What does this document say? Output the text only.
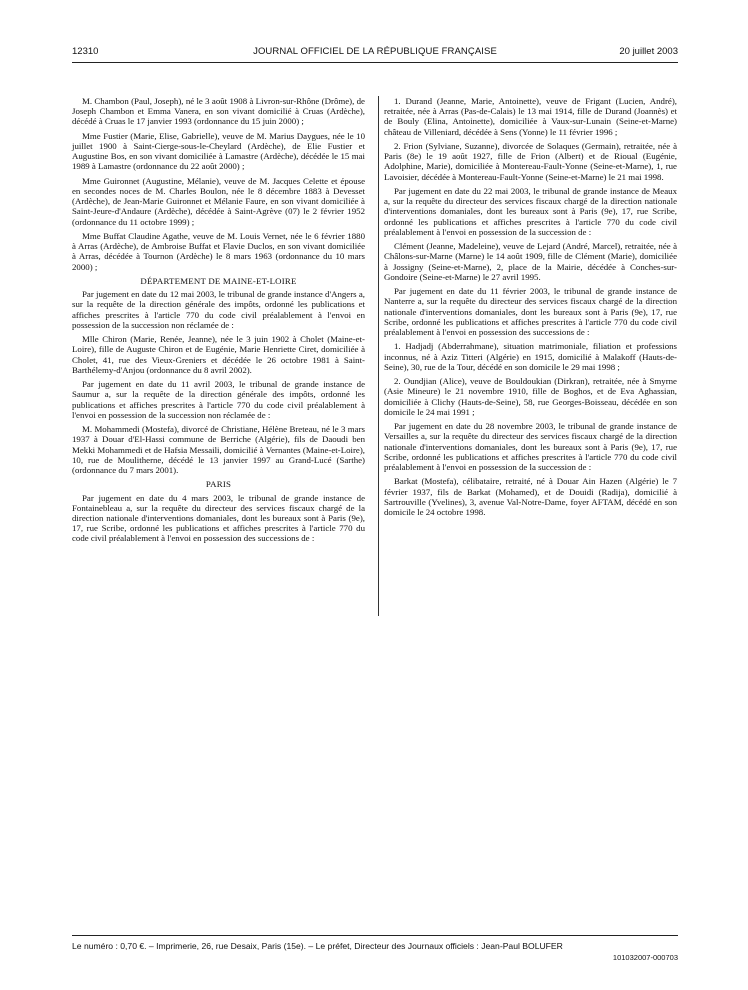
12310	JOURNAL OFFICIEL DE LA RÉPUBLIQUE FRANÇAISE	20 juillet 2003

M. Chambon (Paul, Joseph), né le 3 août 1908 à Livron-sur-Rhône (Drôme), de Joseph Chambon et Emma Vanera, en son vivant domicilié à Cruas (Ardèche), décédé à Cruas le 17 janvier 1993 (ordonnance du 15 juin 2000) ;

Mme Fustier (Marie, Elise, Gabrielle), veuve de M. Marius Daygues, née le 10 juillet 1900 à Saint-Cierge-sous-le-Cheylard (Ardèche), de Elie Fustier et Augustine Bos, en son vivant domiciliée à Lamastre (Ardèche), décédée le 15 mai 1989 à Lamastre (ordonnance du 22 août 2000) ;

Mme Guironnet (Augustine, Mélanie), veuve de M. Jacques Celette et épouse en secondes noces de M. Charles Boulon, née le 8 décembre 1883 à Devesset (Ardèche), de Jean-Marie Guironnet et Mélanie Faure, en son vivant domiciliée à Saint-Jeure-d'Andaure (Ardèche), décédée à Saint-Agrève (07) le 2 février 1952 (ordonnance du 11 octobre 1999) ;

Mme Buffat Claudine Agathe, veuve de M. Louis Vernet, née le 6 février 1880 à Arras (Ardèche), de Ambroise Buffat et Flavie Duclos, en son vivant domiciliée à Arras, décédée à Tournon (Ardèche) le 8 mars 1963 (ordonnance du 10 mars 2000) ;

DÉPARTEMENT DE MAINE-ET-LOIRE

Par jugement en date du 12 mai 2003, le tribunal de grande instance d'Angers a, sur la requête de la direction générale des impôts, ordonné les publications et affiches prescrites à l'article 770 du code civil préalablement à l'envoi en possession de la succession non réclamée de :

Mlle Chiron (Marie, Renée, Jeanne), née le 3 juin 1902 à Cholet (Maine-et-Loire), fille de Auguste Chiron et de Eugénie, Marie Henriette Ciret, domiciliée à Cholet, 41, rue des Vieux-Greniers et décédée le 26 octobre 1981 à Saint-Barthélemy-d'Anjou (ordonnance du 8 avril 2002).

Par jugement en date du 11 avril 2003, le tribunal de grande instance de Saumur a, sur la requête de la direction générale des impôts, ordonné les publications et affiches prescrites à l'article 770 du code civil préalablement à l'envoi en possession de la succession non réclamée de :

M. Mohammedi (Mostefa), divorcé de Christiane, Hélène Breteau, né le 3 mars 1937 à Douar d'El-Hassi commune de Berriche (Algérie), fils de Daoudi ben Mekki Mohammedi et de Hafsia Messaili, domicilié à Vernantes (Maine-et-Loire), 10, rue de Moulitherne, décédé le 13 janvier 1997 au Grand-Lucé (Sarthe) (ordonnance du 7 mars 2001).

PARIS

Par jugement en date du 4 mars 2003, le tribunal de grande instance de Fontainebleau a, sur la requête du directeur des services fiscaux chargé de la direction nationale d'interventions domaniales, dont les bureaux sont à Paris (9e), 17, rue Scribe, ordonné les publications et affiches prescrites à l'article 770 du code civil préalablement à l'envoi en possession des successions de :

1. Durand (Jeanne, Marie, Antoinette), veuve de Frigant (Lucien, André), retraitée, née à Arras (Pas-de-Calais) le 13 mai 1914, fille de Durand (Joannès) et de Bouly (Elina, Antoinette), domiciliée à Vaux-sur-Lunain (Seine-et-Marne) château de Villeniard, décédée à Sens (Yonne) le 11 février 1996 ;

2. Frion (Sylviane, Suzanne), divorcée de Solaques (Germain), retraitée, née à Paris (8e) le 19 août 1927, fille de Frion (Albert) et de Rioual (Eugénie, Adolphine, Marie), domiciliée à Montereau-Fault-Yonne (Seine-et-Marne), 1, rue Lavoisier, décédée à Montereau-Fault-Yonne (Seine-et-Marne) le 21 mai 1998.

Par jugement en date du 22 mai 2003, le tribunal de grande instance de Meaux a, sur la requête du directeur des services fiscaux chargé de la direction nationale d'interventions domaniales, dont les bureaux sont à Paris (9e), 17, rue Scribe, ordonné les publications et affiches prescrites à l'article 770 du code civil préalablement à l'envoi en possession de la succession de :

Clément (Jeanne, Madeleine), veuve de Lejard (André, Marcel), retraitée, née à Châlons-sur-Marne (Marne) le 14 août 1909, fille de Clément (Marie), domiciliée à Jossigny (Seine-et-Marne), 2, place de la Mairie, décédée à Conches-sur-Gondoire (Seine-et-Marne) le 27 avril 1995.

Par jugement en date du 11 février 2003, le tribunal de grande instance de Nanterre a, sur la requête du directeur des services fiscaux chargé de la direction nationale d'interventions domaniales, dont les bureaux sont à Paris (9e), 17, rue Scribe, ordonné les publications et affiches prescrites à l'article 770 du code civil préalablement à l'envoi en possession des successions de :

1. Hadjadj (Abderrahmane), situation matrimoniale, filiation et professions inconnus, né à Aziz Titteri (Algérie) en 1915, domicilié à Malakoff (Hauts-de-Seine), 30, rue de la Tour, décédé en son domicile le 29 mai 1998 ;

2. Oundjian (Alice), veuve de Bouldoukian (Dirkran), retraitée, née à Smyrne (Asie Mineure) le 21 novembre 1910, fille de Boghos, et de Eva Aghassian, domiciliée à Clichy (Hauts-de-Seine), 58, rue Georges-Boisseau, décédée en son domicile le 24 mai 1991 ;

Par jugement en date du 28 novembre 2003, le tribunal de grande instance de Versailles a, sur la requête du directeur des services fiscaux chargé de la direction nationale d'interventions domaniales, dont les bureaux sont à Paris (9e), 17, rue Scribe, ordonné les publications et affiches prescrites à l'article 770 du code civil préalablement à l'envoi en possession de la succession de :

Barkat (Mostefa), célibataire, retraité, né à Douar Ain Hazen (Algérie) le 7 février 1937, fils de Barkat (Mohamed), et de Douidi (Radija), domicilié à Sartrouville (Yvelines), 3, avenue Val-Notre-Dame, foyer AFTAM, décédé en son domicile le 24 octobre 1998.

Le numéro : 0,70 €. – Imprimerie, 26, rue Desaix, Paris (15e). – Le préfet, Directeur des Journaux officiels : Jean-Paul BOLUFER
101032007-000703
